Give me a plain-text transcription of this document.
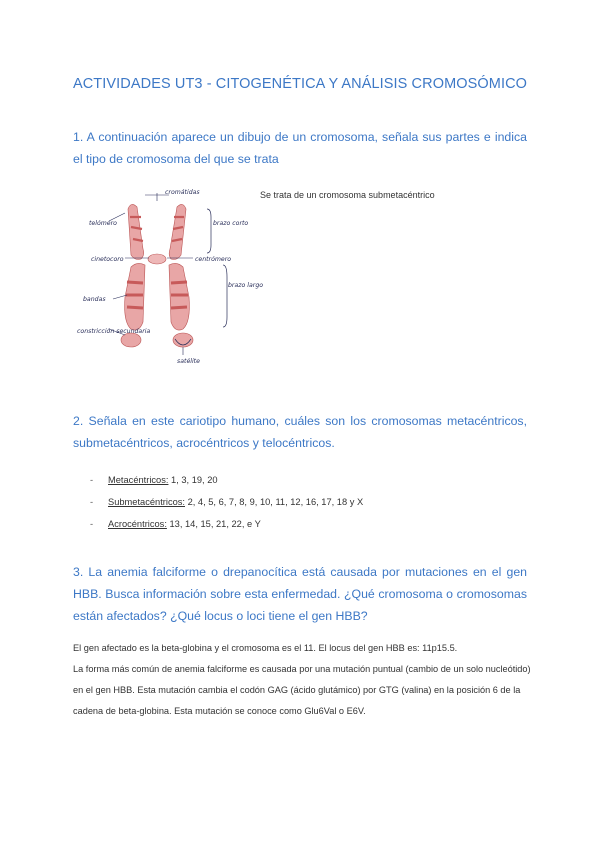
ACTIVIDADES UT3 - CITOGENÉTICA Y ANÁLISIS CROMOSÓMICO
1. A continuación aparece un dibujo de un cromosoma, señala sus partes e indica el tipo de cromosoma del que se trata
cromátidas
telómero	brazo corto
cinetocoro	centrómero
brazo largo
bandas
constricción secundaria
satélite
Se trata de un cromosoma submetacéntrico
2. Señala en este cariotipo humano, cuáles son los cromosomas metacéntricos, submetacéntricos, acrocéntricos y telocéntricos.
- Metacéntricos: 1, 3, 19, 20
- Submetacéntricos: 2, 4, 5, 6, 7, 8, 9, 10, 11, 12, 16, 17, 18 y X
- Acrocéntricos: 13, 14, 15, 21, 22, e Y
3. La anemia falciforme o drepanocítica está causada por mutaciones en el gen HBB. Busca información sobre esta enfermedad. ¿Qué cromosoma o cromosomas están afectados? ¿Qué locus o loci tiene el gen HBB?

El gen afectado es la beta-globina y el cromosoma es el 11. El locus del gen HBB es: 11p15.5.

La forma más común de anemia falciforme es causada por una mutación puntual (cambio de un solo nucleótido) en el gen HBB. Esta mutación cambia el codón GAG (ácido glutámico) por GTG (valina) en la posición 6 de la cadena de beta-globina. Esta mutación se conoce como Glu6Val o E6V.
